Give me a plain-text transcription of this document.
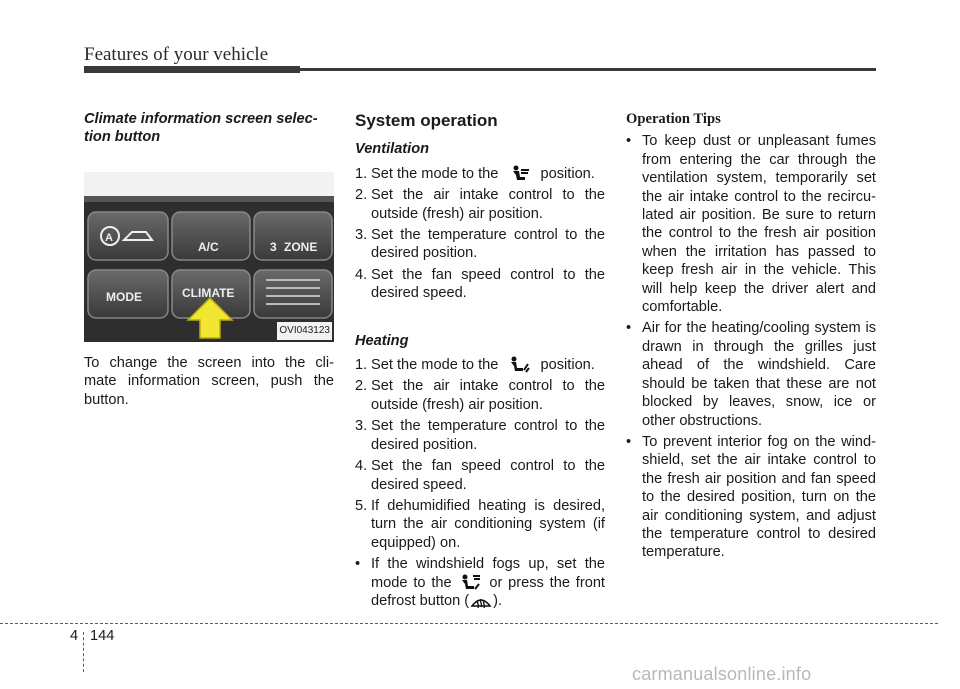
Features of your vehicle
Climate information screen selec- tion button
A
A/C	3 ZONE
MODE	CLIMATE
OVI043123

To change the screen into the cli- mate information screen, push the button.

System operation
Ventilation
1. Set the mode to the	position.
2. Set the air intake control to the outside (fresh) air position.
3. Set the temperature control to the desired position.
4. Set the fan speed control to the desired speed.
Heating
1. Set the mode to the	position.
2. Set the air intake control to the outside (fresh) air position.
3. Set the temperature control to the desired position.
4. Set the fan speed control to the desired speed.
5. If dehumidified heating is desired, turn the air conditioning system (if equipped) on.
• If the windshield fogs up, set the mode to the	or press the front defrost button ( ).
Operation Tips
• To keep dust or unpleasant fumes from entering the car through the ventilation system, temporarily set the air intake control to the recircu- lated air position. Be sure to return the control to the fresh air position when the irritation has passed to keep fresh air in the vehicle. This will help keep the driver alert and comfortable.
• Air for the heating/cooling system is drawn in through the grilles just ahead of the windshield. Care should be taken that these are not blocked by leaves, snow, ice or other obstructions.
• To prevent interior fog on the wind- shield, set the air intake control to the fresh air position and fan speed to the desired position, turn on the air conditioning system, and adjust the temperature control to desired temperature.
4 144
carmanualsonline.info
